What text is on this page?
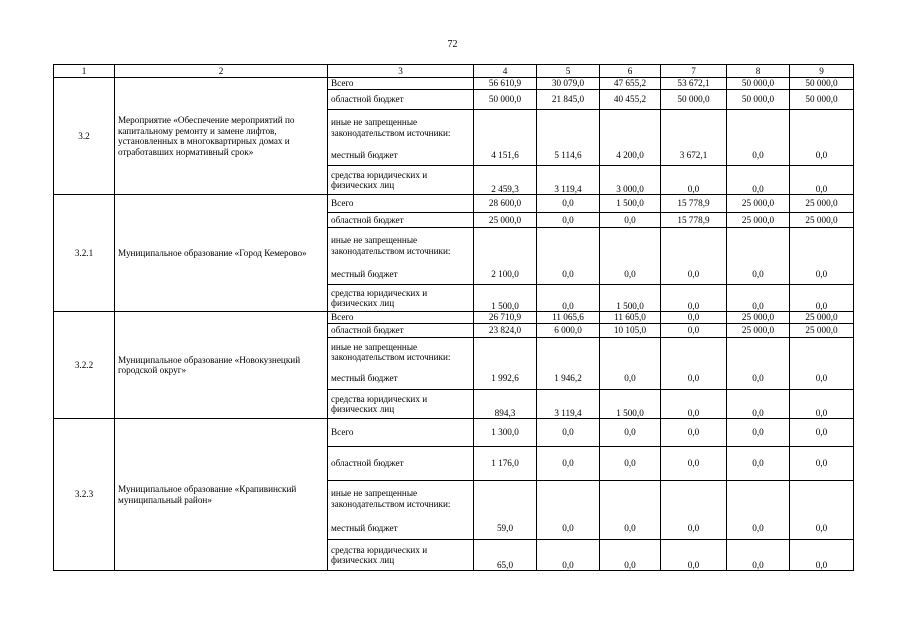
72
1	2	3	4	5	6	7	8	9
3.2	Мероприятие «Обеспечение мероприятий по капитальному ремонту и замене лифтов, установленных в многоквартирных домах и отработавших нормативный срок»	Всего	56 610,9	30 079,0	47 655,2	53 672,1	50 000,0	50 000,0
		областной бюджет	50 000,0	21 845,0	40 455,2	50 000,0	50 000,0	50 000,0
		иные не запрещенные законодательством источники:						
		местный бюджет	4 151,6	5 114,6	4 200,0	3 672,1	0,0	0,0
		средства юридических и физических лиц	2 459,3	3 119,4	3 000,0	0,0	0,0	0,0
3.2.1	Муниципальное образование «Город Кемерово»	Всего	28 600,0	0,0	1 500,0	15 778,9	25 000,0	25 000,0
		областной бюджет	25 000,0	0,0	0,0	15 778,9	25 000,0	25 000,0
		иные не запрещенные законодательством источники:						
		местный бюджет	2 100,0	0,0	0,0	0,0	0,0	0,0
		средства юридических и физических лиц	1 500,0	0,0	1 500,0	0,0	0,0	0,0
3.2.2	Муниципальное образование «Новокузнецкий городской округ»	Всего	26 710,9	11 065,6	11 605,0	0,0	25 000,0	25 000,0
		областной бюджет	23 824,0	6 000,0	10 105,0	0,0	25 000,0	25 000,0
		иные не запрещенные законодательством источники:						
		местный бюджет	1 992,6	1 946,2	0,0	0,0	0,0	0,0
		средства юридических и физических лиц	894,3	3 119,4	1 500,0	0,0	0,0	0,0
3.2.3	Муниципальное образование «Крапивинский муниципальный район»	Всего	1 300,0	0,0	0,0	0,0	0,0	0,0
		областной бюджет	1 176,0	0,0	0,0	0,0	0,0	0,0
		иные не запрещенные законодательством источники:						
		местный бюджет	59,0	0,0	0,0	0,0	0,0	0,0
		средства юридических и физических лиц	65,0	0,0	0,0	0,0	0,0	0,0
